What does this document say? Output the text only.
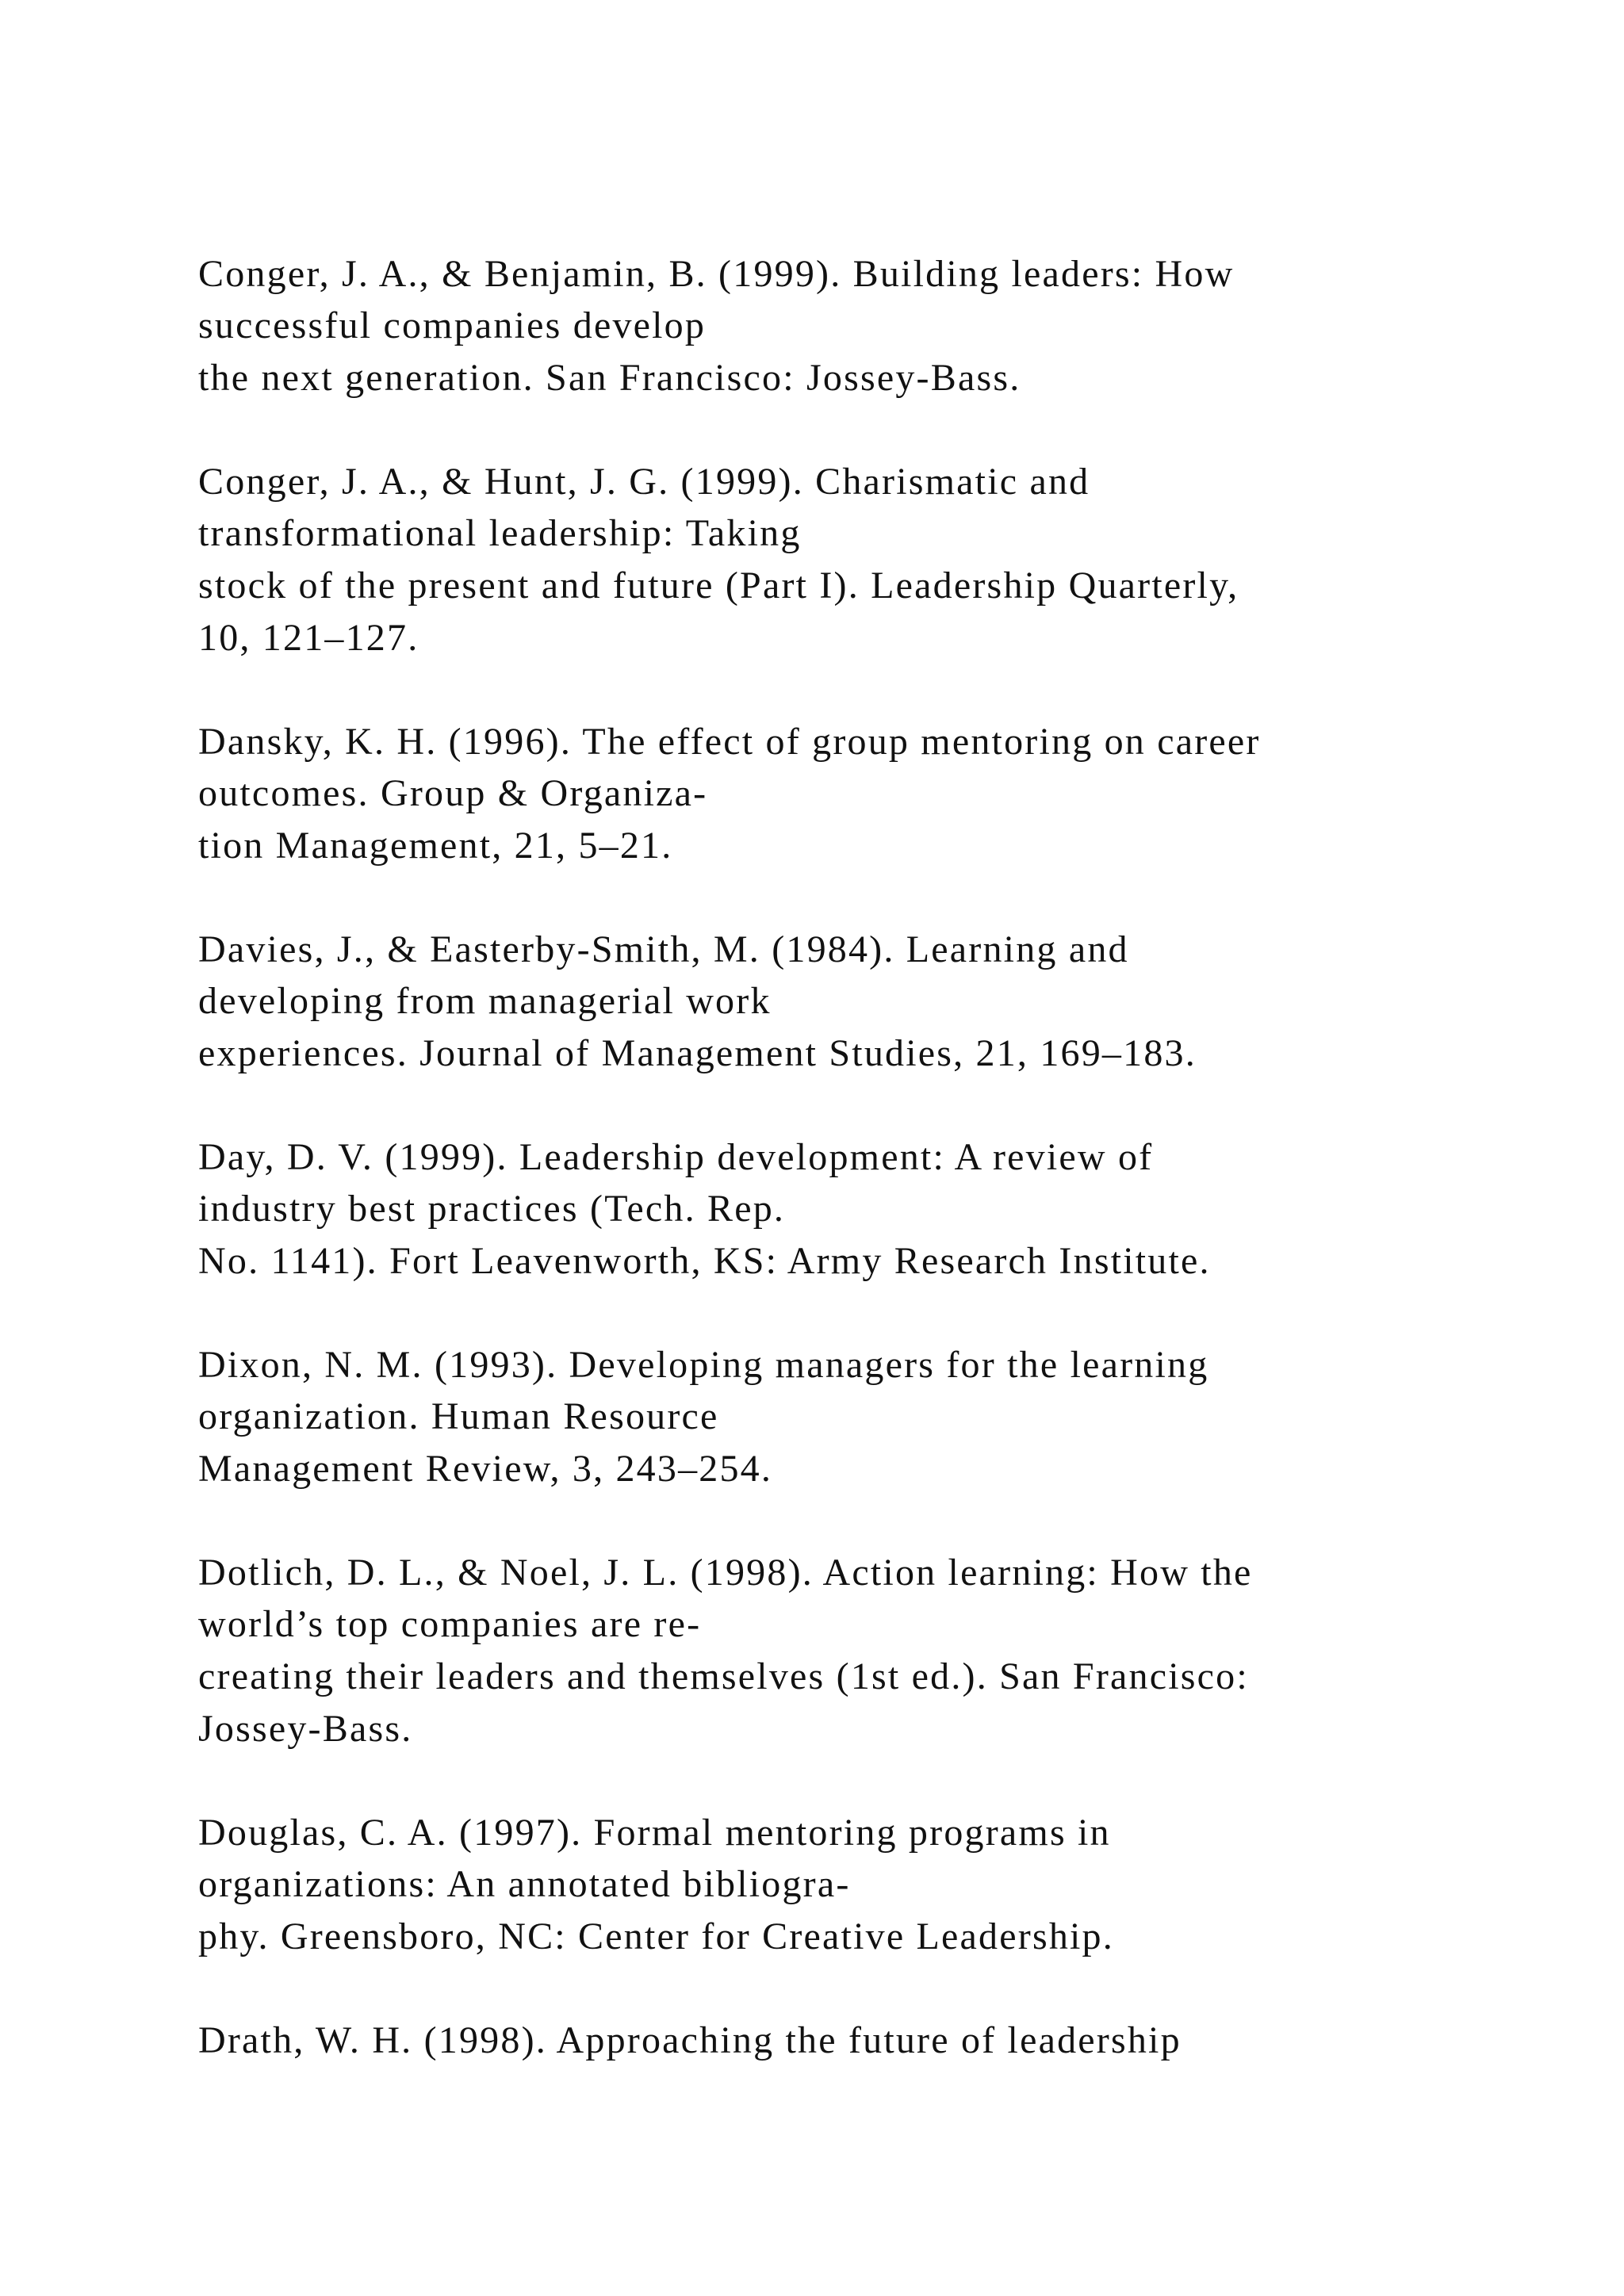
Conger, J. A., & Benjamin, B. (1999). Building leaders: How
successful companies develop
the next generation. San Francisco: Jossey-Bass.
Conger, J. A., & Hunt, J. G. (1999). Charismatic and
transformational leadership: Taking
stock of the present and future (Part I). Leadership Quarterly,
10, 121–127.
Dansky, K. H. (1996). The effect of group mentoring on career
outcomes. Group & Organiza-
tion Management, 21, 5–21.
Davies, J., & Easterby-Smith, M. (1984). Learning and
developing from managerial work
experiences. Journal of Management Studies, 21, 169–183.
Day, D. V. (1999). Leadership development: A review of
industry best practices (Tech. Rep.
No. 1141). Fort Leavenworth, KS: Army Research Institute.
Dixon, N. M. (1993). Developing managers for the learning
organization. Human Resource
Management Review, 3, 243–254.
Dotlich, D. L., & Noel, J. L. (1998). Action learning: How the
world’s top companies are re-
creating their leaders and themselves (1st ed.). San Francisco:
Jossey-Bass.
Douglas, C. A. (1997). Formal mentoring programs in
organizations: An annotated bibliogra-
phy. Greensboro, NC: Center for Creative Leadership.
Drath, W. H. (1998). Approaching the future of leadership
